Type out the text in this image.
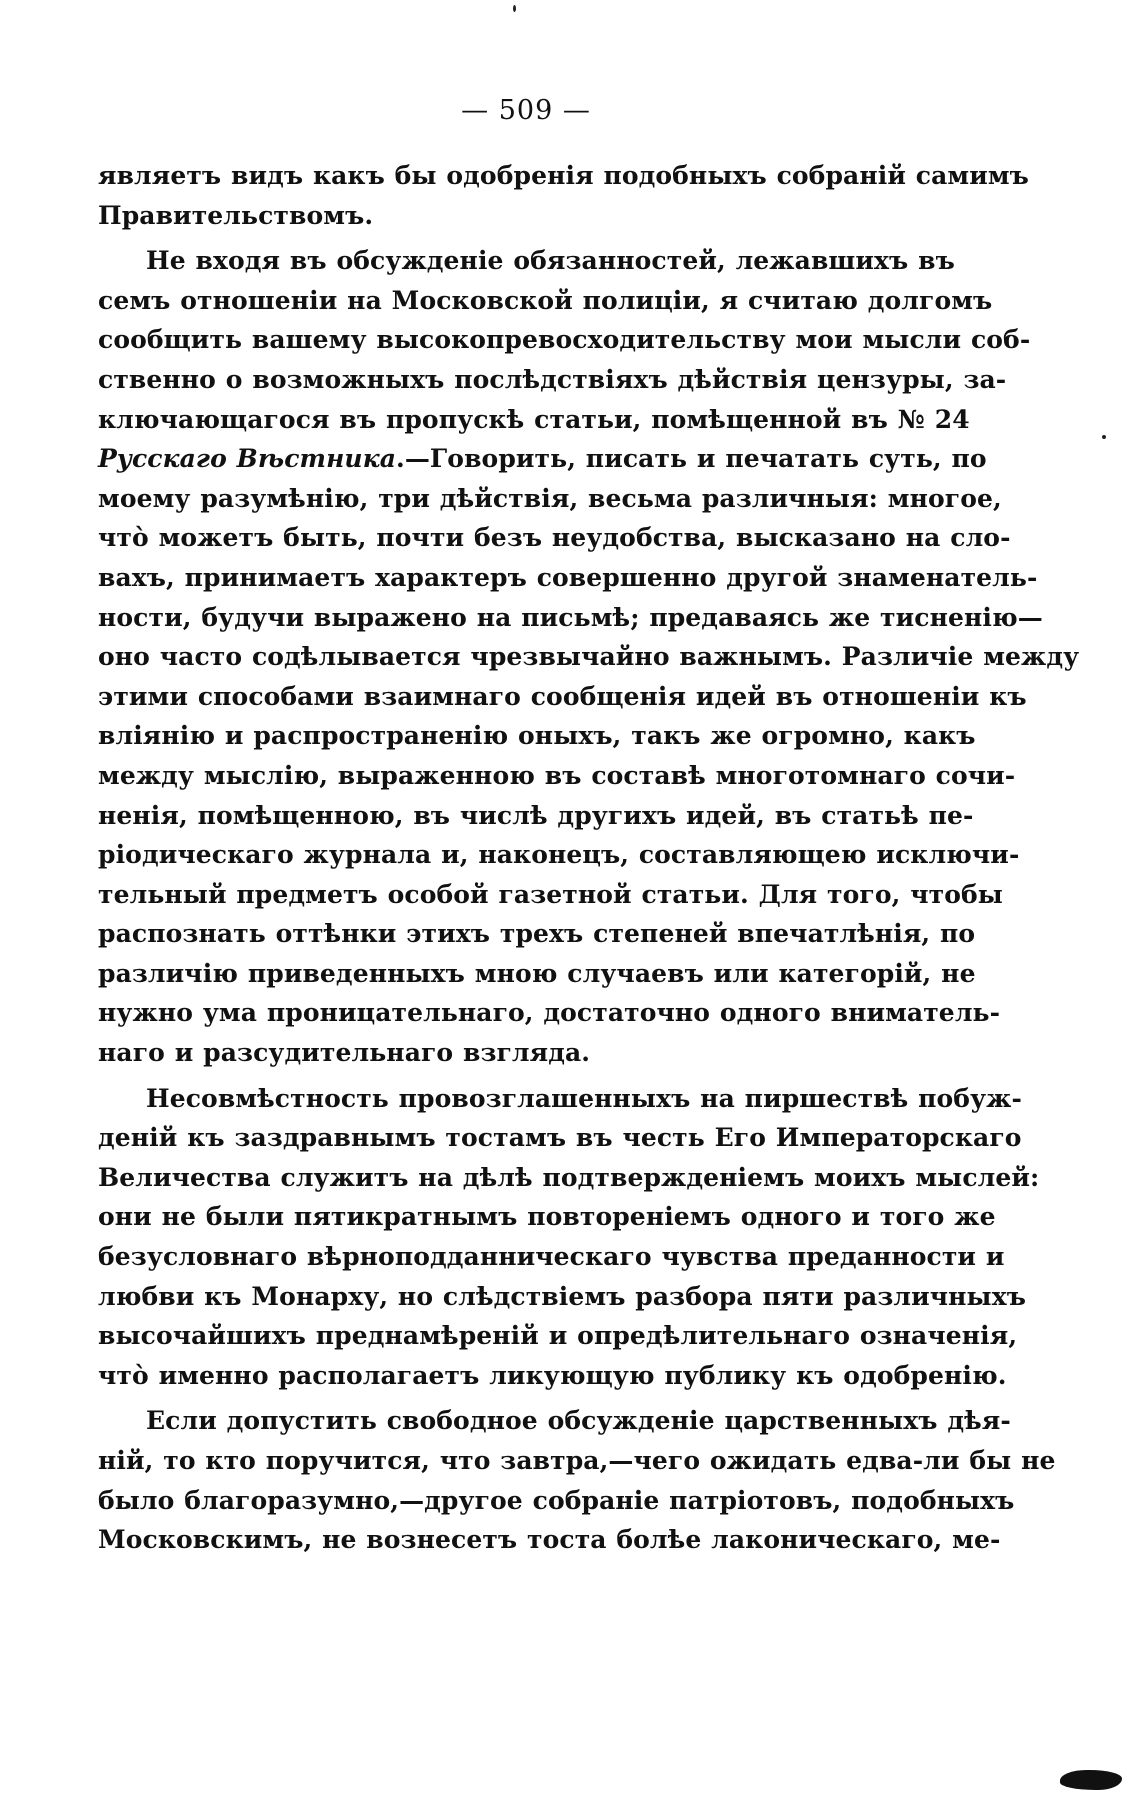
— 509 —
являетъ видъ какъ бы одобренія подобныхъ собраній самимъ
Правительствомъ.
Не входя въ обсужденіе обязанностей, лежавшихъ въ
семъ отношеніи на Московской полиціи, я считаю долгомъ
сообщить вашему высокопревосходительству мои мысли соб-
ственно о возможныхъ послѣдствіяхъ дѣйствія цензуры, за-
ключающагося въ пропускѣ статьи, помѣщенной въ № 24
Русскаго Вѣстника.—Говорить, писать и печатать суть, по
моему разумѣнію, три дѣйствія, весьма различныя: многое,
что̀ можетъ быть, почти безъ неудобства, высказано на сло-
вахъ, принимаетъ характеръ совершенно другой знаменатель-
ности, будучи выражено на письмѣ; предаваясь же тисненію—
оно часто содѣлывается чрезвычайно важнымъ. Различіе между
этими способами взаимнаго сообщенія идей въ отношеніи къ
вліянію и распространенію оныхъ, такъ же огромно, какъ
между мыслію, выраженною въ составѣ многотомнаго сочи-
ненія, помѣщенною, въ числѣ другихъ идей, въ статьѣ пе-
ріодическаго журнала и, наконецъ, составляющею исключи-
тельный предметъ особой газетной статьи. Для того, чтобы
распознать оттѣнки этихъ трехъ степеней впечатлѣнія, по
различію приведенныхъ мною случаевъ или категорій, не
нужно ума проницательнаго, достаточно одного вниматель-
наго и разсудительнаго взгляда.
Несовмѣстность провозглашенныхъ на пиршествѣ побуж-
деній къ заздравнымъ тостамъ въ честь Его Императорскаго
Величества служитъ на дѣлѣ подтвержденіемъ моихъ мыслей:
они не были пятикратнымъ повтореніемъ одного и того же
безусловнаго вѣрноподданническаго чувства преданности и
любви къ Монарху, но слѣдствіемъ разбора пяти различныхъ
высочайшихъ преднамѣреній и опредѣлительнаго означенія,
что̀ именно располагаетъ ликующую публику къ одобренію.
Если допустить свободное обсужденіе царственныхъ дѣя-
ній, то кто поручится, что завтра,—чего ожидать едва-ли бы не
было благоразумно,—другое собраніе патріотовъ, подобныхъ
Московскимъ, не вознесетъ тоста болѣе лаконическаго, ме-
